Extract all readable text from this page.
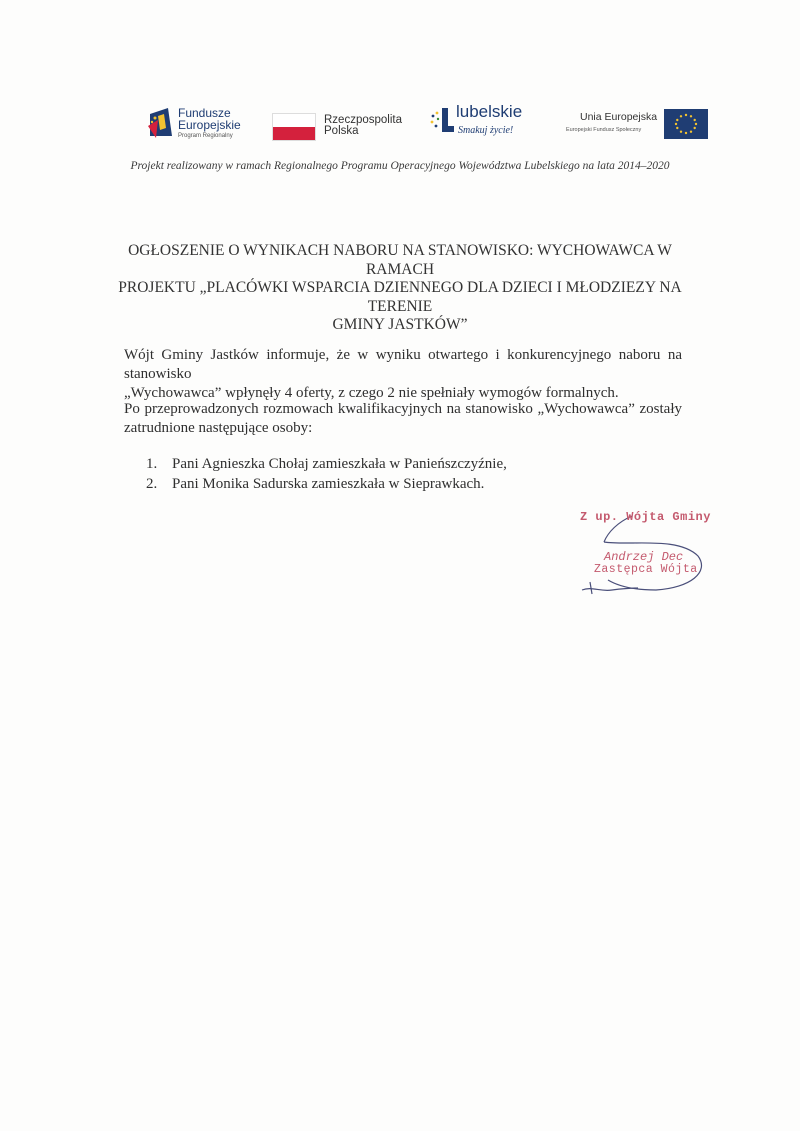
Fundusze
Europejskie
Program Regionalny
Rzeczpospolita
Polska
lubelskie
Smakuj życie!
Unia Europejska
Europejski Fundusz Społeczny
Projekt realizowany w ramach Regionalnego Programu Operacyjnego Województwa Lubelskiego na lata 2014–2020
OGŁOSZENIE O WYNIKACH NABORU NA STANOWISKO: WYCHOWAWCA W RAMACH
PROJEKTU „PLACÓWKI WSPARCIA DZIENNEGO DLA DZIECI I MŁODZIEZY NA TERENIE
GMINY JASTKÓW”
Wójt Gminy Jastków informuje, że w wyniku otwartego i konkurencyjnego naboru na stanowisko
„Wychowawca” wpłynęły 4 oferty, z czego 2 nie spełniały wymogów formalnych.
Po przeprowadzonych rozmowach kwalifikacyjnych na stanowisko „Wychowawca” zostały
zatrudnione następujące osoby:
1. Pani Agnieszka Chołaj zamieszkała w Panieńszczyźnie,
2. Pani Monika Sadurska zamieszkała w Sieprawkach.
Z up. Wójta Gminy
Andrzej Dec
Zastępca Wójta
